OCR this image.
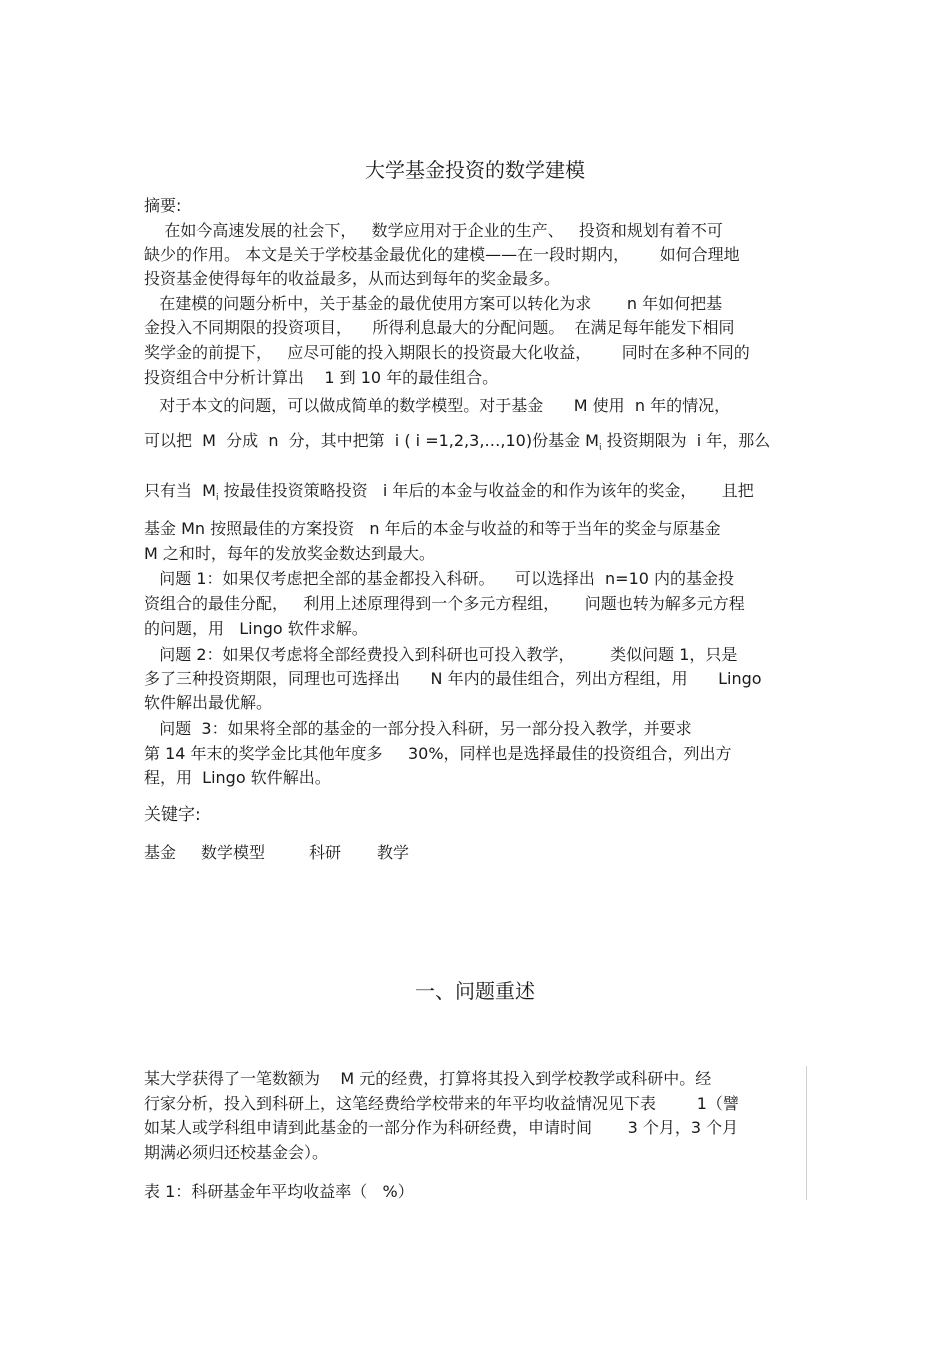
大学基金投资的数学建模
摘要:
在如今高速发展的社会下，   数学应用对于企业的生产、   投资和规划有着不可
缺少的作用。 本文是关于学校基金最优化的建模——在一段时期内，      如何合理地
投资基金使得每年的收益最多，从而达到每年的奖金最多。
在建模的问题分析中，关于基金的最优使用方案可以转化为求       n 年如何把基
金投入不同期限的投资项目，    所得利息最大的分配问题。  在满足每年能发下相同
奖学金的前提下，   应尽可能的投入期限长的投资最大化收益，      同时在多种不同的
投资组合中分析计算出    1 到 10 年的最佳组合。
对于本文的问题，可以做成简单的数学模型。对于基金      M 使用  n 年的情况，
可以把  M  分成  n  分，其中把第  i ( i =1,2,3,…,10)份基金 $M_i$ 投资期限为  i 年，那么
只有当  $M_i$ 按最佳投资策略投资   i 年后的本金与收益金的和作为该年的奖金，     且把
基金 Mn 按照最佳的方案投资   n 年后的本金与收益的和等于当年的奖金与原基金
M 之和时，每年的发放奖金数达到最大。
问题 1：如果仅考虑把全部的基金都投入科研。    可以选择出  n=10 内的基金投
资组合的最佳分配，   利用上述原理得到一个多元方程组，     问题也转为解多元方程
的问题，用   Lingo 软件求解。
问题 2：如果仅考虑将全部经费投入到科研也可投入教学，       类似问题 1，只是
多了三种投资期限，同理也可选择出      N 年内的最佳组合，列出方程组，用      Lingo
软件解出最优解。
问题  3：如果将全部的基金的一部分投入科研，另一部分投入教学，并要求
第 14 年末的奖学金比其他年度多     30%，同样也是选择最佳的投资组合，列出方
程，用  Lingo 软件解出。
关键字:
基金 数学模型	科研 教学
一、问题重述
某大学获得了一笔数额为    M 元的经费，打算将其投入到学校教学或科研中。经
行家分析，投入到科研上，这笔经费给学校带来的年平均收益情况见下表        1（譬
如某人或学科组申请到此基金的一部分作为科研经费，申请时间       3 个月，3 个月
期满必须归还校基金会）。
表 1：科研基金年平均收益率（   %）
